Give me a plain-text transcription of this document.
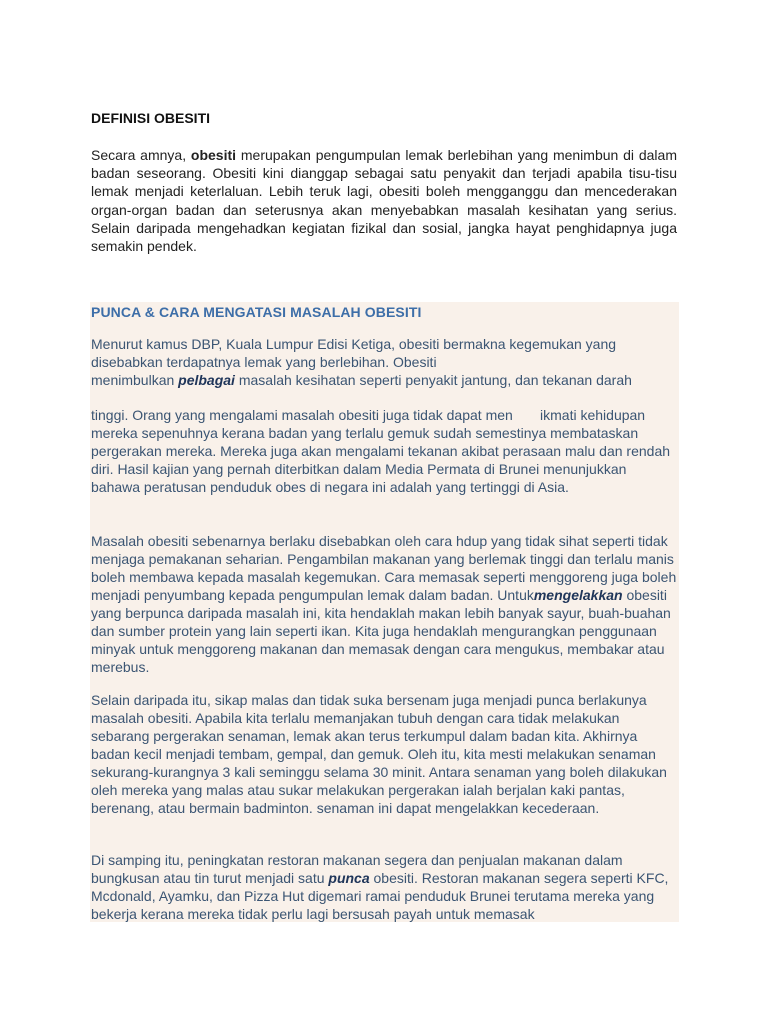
DEFINISI OBESITI

Secara amnya, obesiti merupakan pengumpulan lemak berlebihan yang menimbun di dalam badan seseorang. Obesiti kini dianggap sebagai satu penyakit dan terjadi apabila tisu-tisu lemak menjadi keterlaluan. Lebih teruk lagi, obesiti boleh mengganggu dan mencederakan organ-organ badan dan seterusnya akan menyebabkan masalah kesihatan yang serius. Selain daripada mengehadkan kegiatan fizikal dan sosial, jangka hayat penghidapnya juga semakin pendek.

PUNCA & CARA MENGATASI MASALAH OBESITI

Menurut kamus DBP, Kuala Lumpur Edisi Ketiga, obesiti bermakna kegemukan yang disebabkan terdapatnya lemak yang berlebihan. Obesiti
menimbulkan pelbagai masalah kesihatan seperti penyakit jantung, dan tekanan darah

tinggi. Orang yang mengalami masalah obesiti juga tidak dapat men       ikmati kehidupan mereka sepenuhnya kerana badan yang terlalu gemuk sudah semestinya membataskan pergerakan mereka. Mereka juga akan mengalami tekanan akibat perasaan malu dan rendah diri. Hasil kajian yang pernah diterbitkan dalam Media Permata di Brunei menunjukkan bahawa peratusan penduduk obes di negara ini adalah yang tertinggi di Asia.

Masalah obesiti sebenarnya berlaku disebabkan oleh cara hdup yang tidak sihat seperti tidak menjaga pemakanan seharian. Pengambilan makanan yang berlemak tinggi dan terlalu manis boleh membawa kepada masalah kegemukan. Cara memasak seperti menggoreng juga boleh menjadi penyumbang kepada pengumpulan lemak dalam badan. Untukmengelakkan obesiti yang berpunca daripada masalah ini, kita hendaklah makan lebih banyak sayur, buah-buahan dan sumber protein yang lain seperti ikan. Kita juga hendaklah mengurangkan penggunaan minyak untuk menggoreng makanan dan memasak dengan cara mengukus, membakar atau merebus.

Selain daripada itu, sikap malas dan tidak suka bersenam juga menjadi punca berlakunya masalah obesiti. Apabila kita terlalu memanjakan tubuh dengan cara tidak melakukan sebarang pergerakan senaman, lemak akan terus terkumpul dalam badan kita. Akhirnya badan kecil menjadi tembam, gempal, dan gemuk. Oleh itu, kita mesti melakukan senaman sekurang-kurangnya 3 kali seminggu selama 30 minit. Antara senaman yang boleh dilakukan oleh mereka yang malas atau sukar melakukan pergerakan ialah berjalan kaki pantas, berenang, atau bermain badminton. senaman ini dapat mengelakkan kecederaan.

Di samping itu, peningkatan restoran makanan segera dan penjualan makanan dalam bungkusan atau tin turut menjadi satu punca obesiti. Restoran makanan segera seperti KFC, Mcdonald, Ayamku, dan Pizza Hut digemari ramai penduduk Brunei terutama mereka yang bekerja kerana mereka tidak perlu lagi bersusah payah untuk memasak
